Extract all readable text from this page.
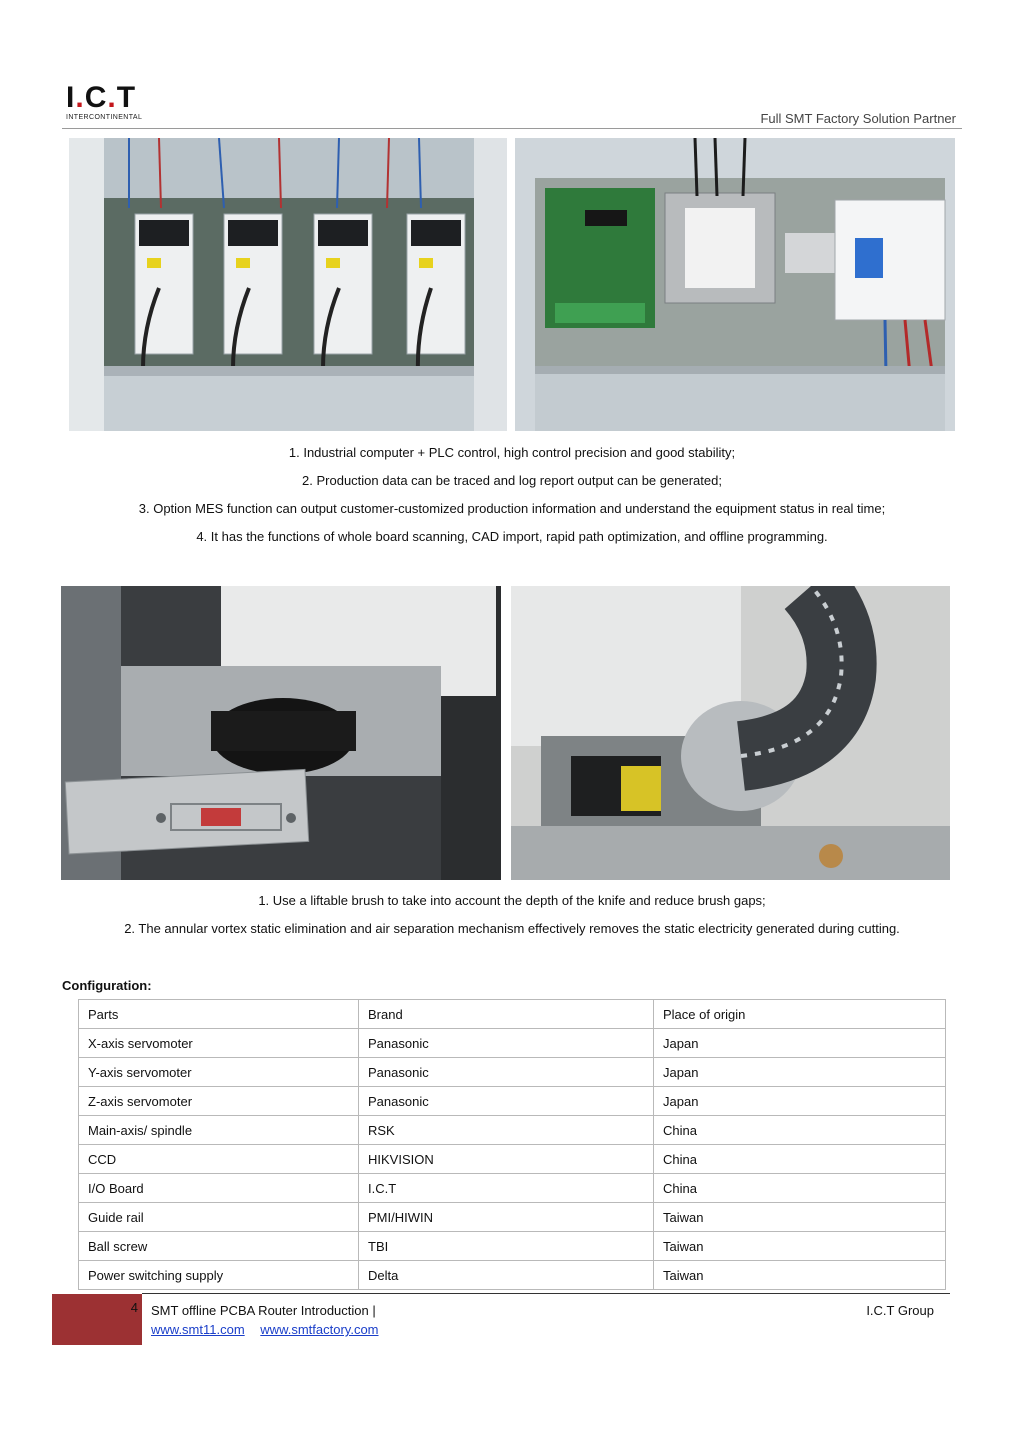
I.C.T
INTERCONTINENTAL	Full SMT Factory Solution Partner

1. Industrial computer + PLC control, high control precision and good stability;

2. Production data can be traced and log report output can be generated;

3. Option MES function can output customer-customized production information and understand the equipment status in real time;

4. It has the functions of whole board scanning, CAD import, rapid path optimization, and offline programming.

1. Use a liftable brush to take into account the depth of the knife and reduce brush gaps;

2. The annular vortex static elimination and air separation mechanism effectively removes the static electricity generated during cutting.

Configuration:
Parts	Brand	Place of origin
X-axis servomoter	Panasonic	Japan
Y-axis servomoter	Panasonic	Japan
Z-axis servomoter	Panasonic	Japan
Main-axis/ spindle	RSK	China
CCD	HIKVISION	China
I/O Board	I.C.T	China
Guide rail	PMI/HIWIN	Taiwan
Ball screw	TBI	Taiwan
Power switching supply	Delta	Taiwan
4 SMT offline PCBA Router Introduction |	I.C.T Group
www.smt11.com www.smtfactory.com
